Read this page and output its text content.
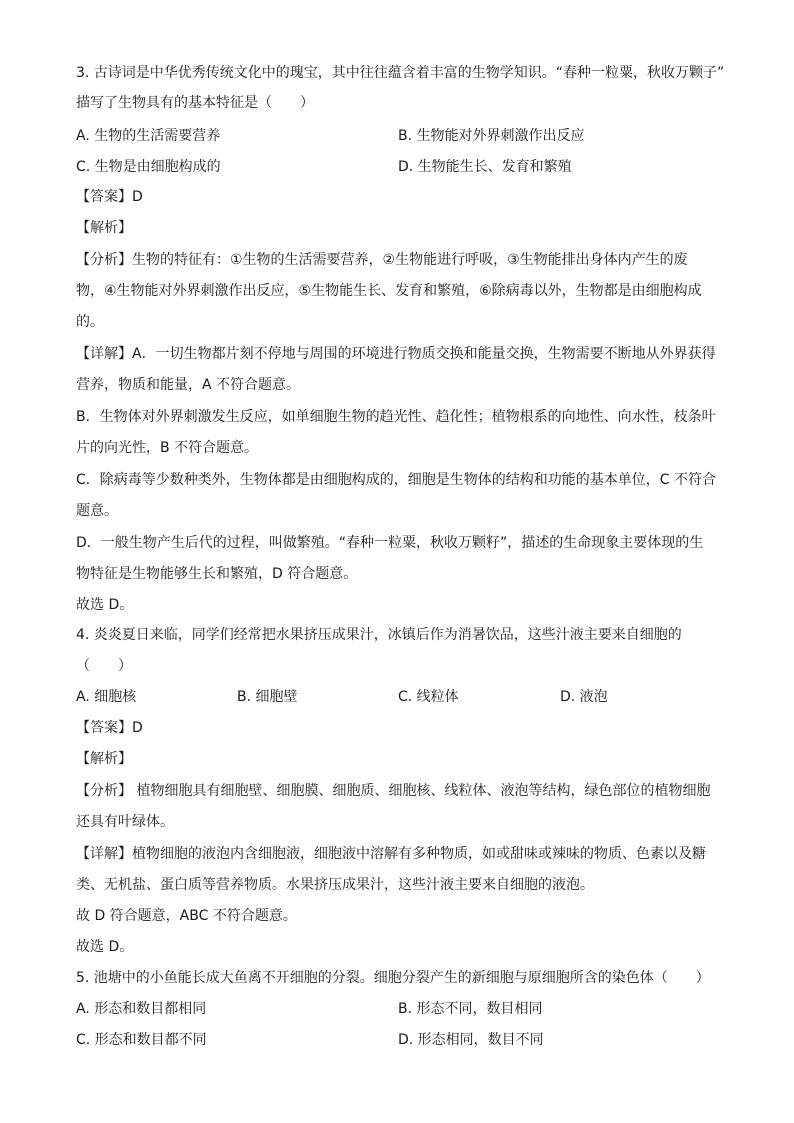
3. 古诗词是中华优秀传统文化中的瑰宝，其中往往蕴含着丰富的生物学知识。“春种一粒粟，秋收万颗子”
描写了生物具有的基本特征是（　　）
A. 生物的生活需要营养	B. 生物能对外界刺激作出反应
C. 生物是由细胞构成的	D. 生物能生长、发育和繁殖
【答案】D
【解析】
【分析】生物的特征有：①生物的生活需要营养，②生物能进行呼吸，③生物能排出身体内产生的废
物，④生物能对外界刺激作出反应，⑤生物能生长、发育和繁殖，⑥除病毒以外，生物都是由细胞构成
的。
【详解】A．一切生物都片刻不停地与周围的环境进行物质交换和能量交换，生物需要不断地从外界获得
营养，物质和能量，A 不符合题意。
B．生物体对外界刺激发生反应，如单细胞生物的趋光性、趋化性；植物根系的向地性、向水性，枝条叶
片的向光性，B 不符合题意。
C．除病毒等少数种类外，生物体都是由细胞构成的，细胞是生物体的结构和功能的基本单位，C 不符合
题意。
D．一般生物产生后代的过程，叫做繁殖。“春种一粒粟，秋收万颗籽”，描述的生命现象主要体现的生
物特征是生物能够生长和繁殖，D 符合题意。
故选 D。
4. 炎炎夏日来临，同学们经常把水果挤压成果汁，冰镇后作为消暑饮品，这些汁液主要来自细胞的
（　　）
A. 细胞核	B. 细胞壁	C. 线粒体	D. 液泡
【答案】D
【解析】
【分析】 植物细胞具有细胞壁、细胞膜、细胞质、细胞核、线粒体、液泡等结构，绿色部位的植物细胞
还具有叶绿体。
【详解】植物细胞的液泡内含细胞液，细胞液中溶解有多种物质，如或甜味或辣味的物质、色素以及糖
类、无机盐、蛋白质等营养物质。水果挤压成果汁，这些汁液主要来自细胞的液泡。
故 D 符合题意，ABC 不符合题意。
故选 D。
5. 池塘中的小鱼能长成大鱼离不开细胞的分裂。细胞分裂产生的新细胞与原细胞所含的染色体（　　）
A. 形态和数目都相同	B. 形态不同，数目相同
C. 形态和数目都不同	D. 形态相同，数目不同
